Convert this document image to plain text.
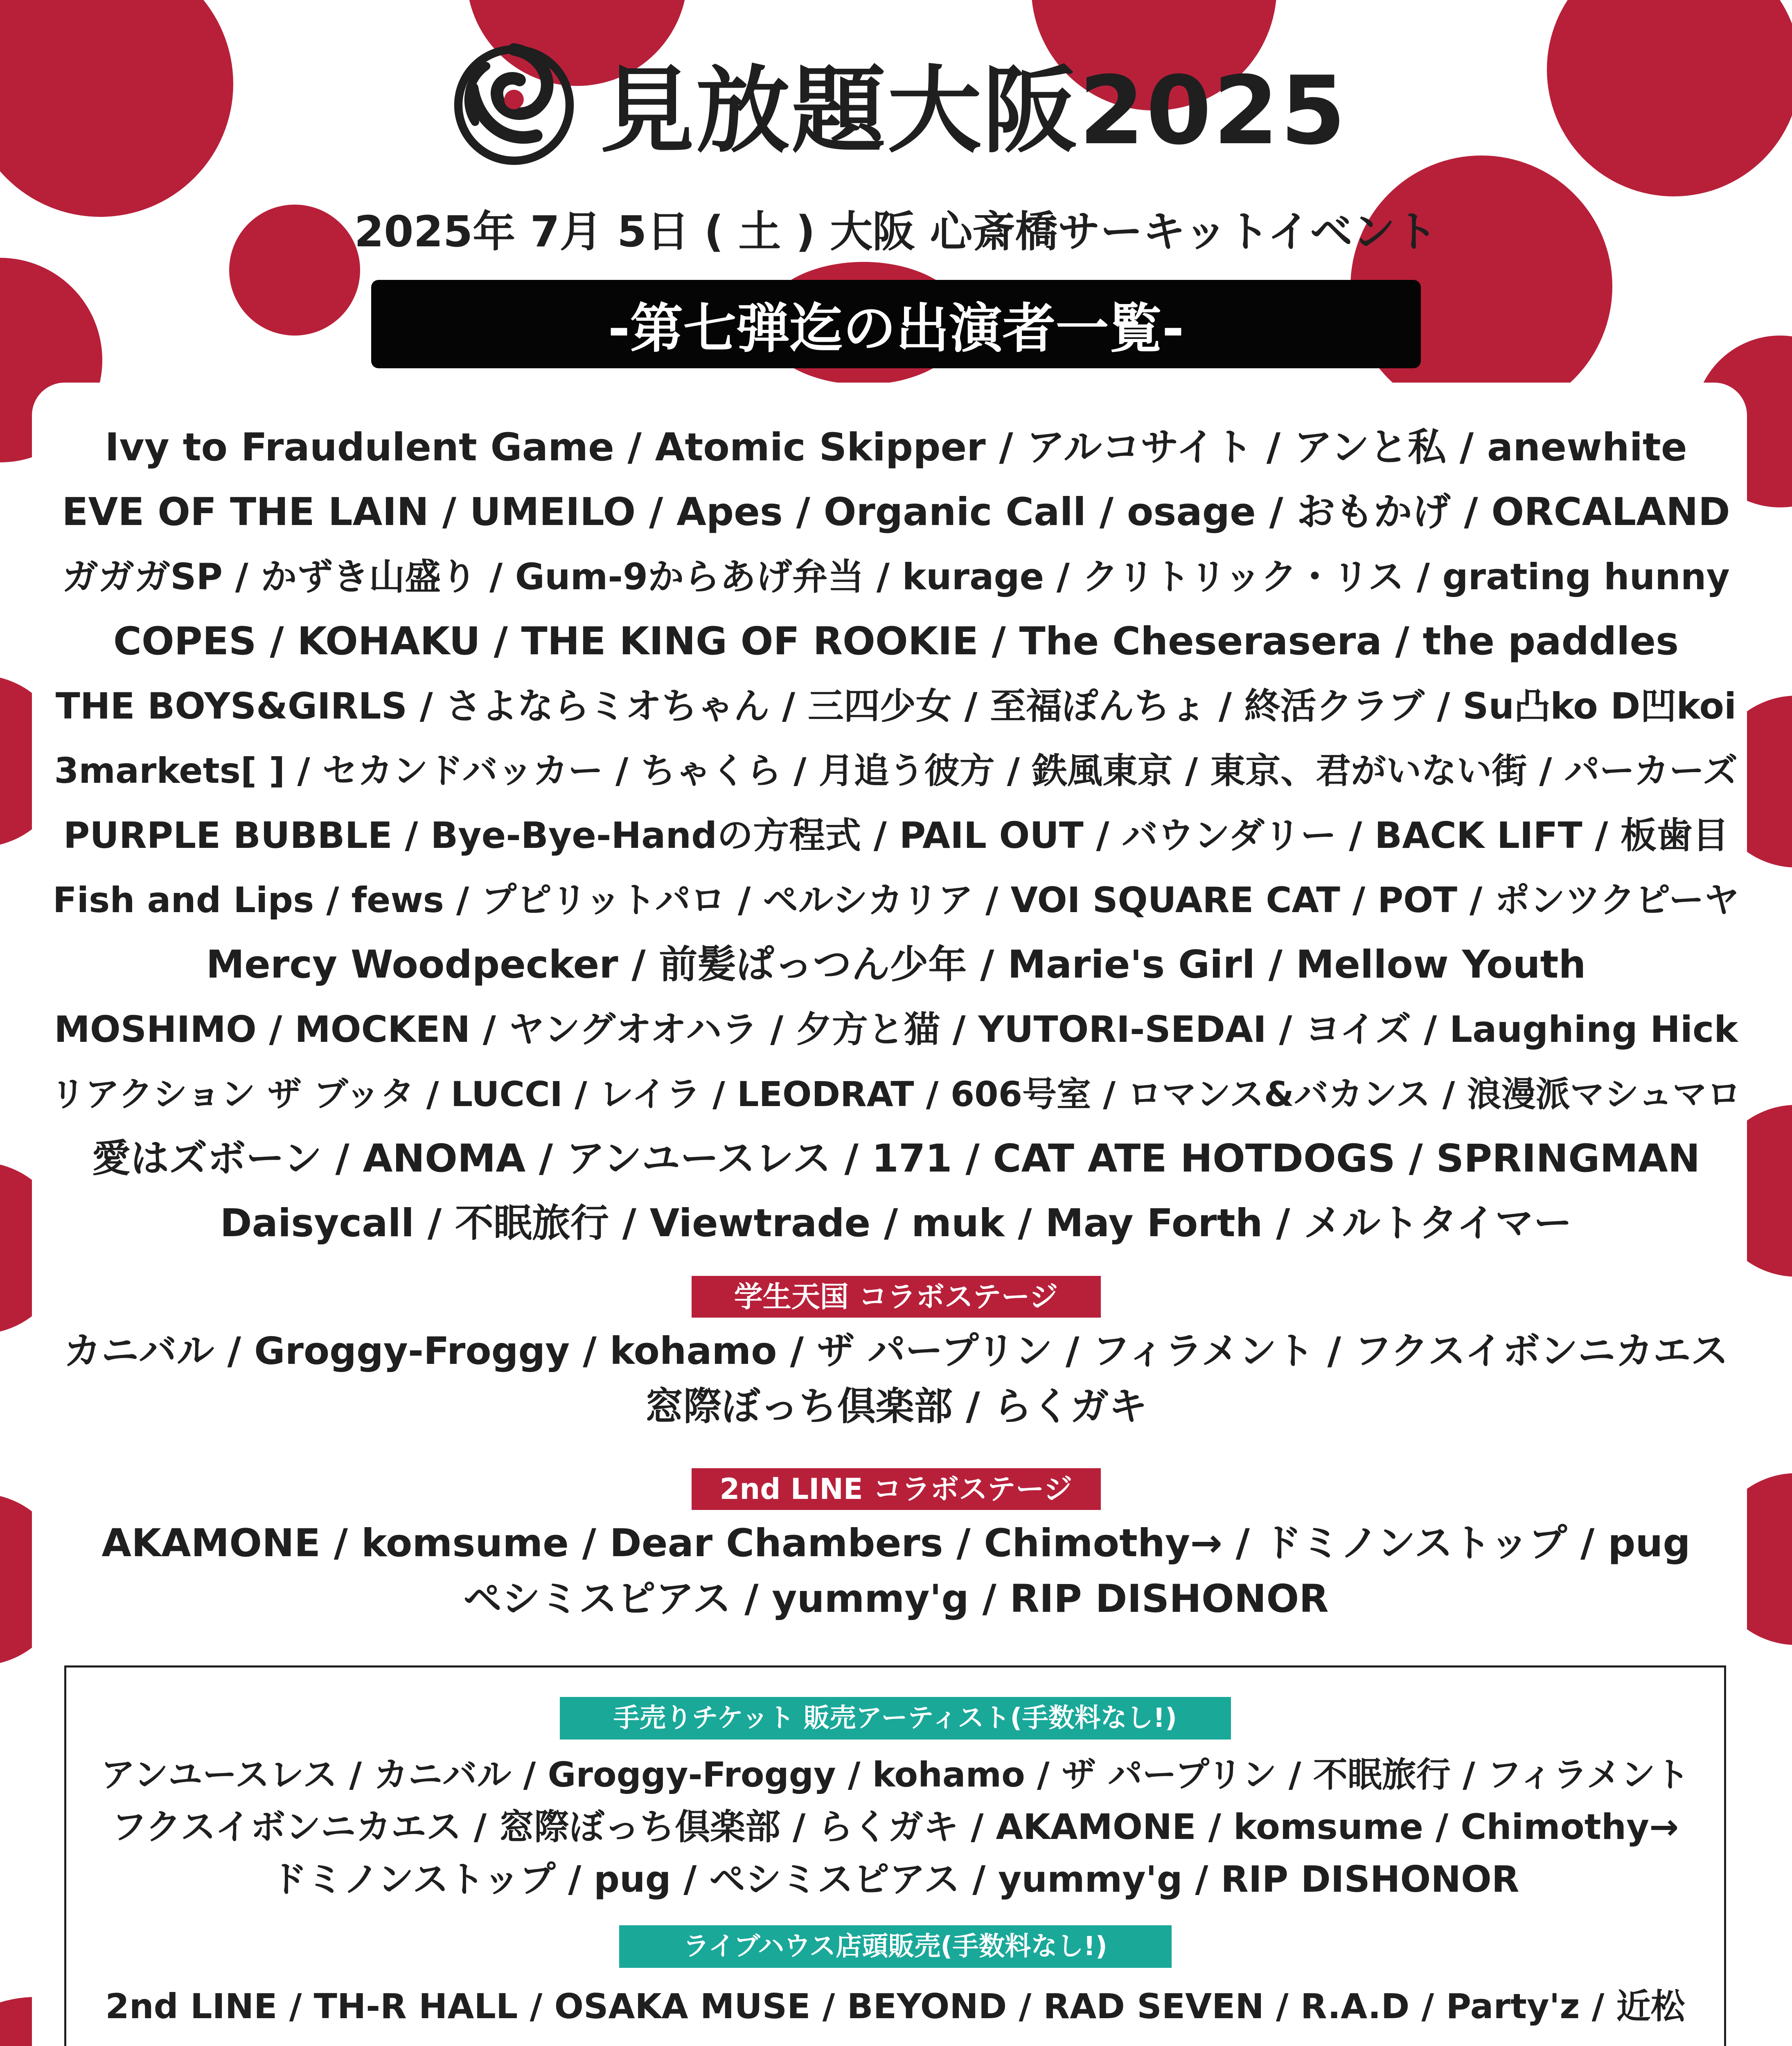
見放題大阪2025
2025年 7月 5日 ( 土 ) 大阪 心斎橋サーキットイベント
-第七弾迄の出演者一覧-
Ivy to Fraudulent Game / Atomic Skipper / アルコサイト / アンと私 / anewhite
EVE OF THE LAIN / UMEILO / Apes / Organic Call / osage / おもかげ / ORCALAND
ガガガSP / かずき山盛り / Gum-9からあげ弁当 / kurage / クリトリック・リス / grating hunny
COPES / KOHAKU / THE KING OF ROOKIE / The Cheserasera / the paddles
THE BOYS&GIRLS / さよならミオちゃん / 三四少女 / 至福ぽんちょ / 終活クラブ / Su凸ko D凹koi
3markets[ ] / セカンドバッカー / ちゃくら / 月追う彼方 / 鉄風東京 / 東京、君がいない街 / パーカーズ
PURPLE BUBBLE / Bye-Bye-Handの方程式 / PAIL OUT / バウンダリー / BACK LIFT / 板歯目
Fish and Lips / fews / プピリットパロ / ペルシカリア / VOI SQUARE CAT / POT / ポンツクピーヤ
Mercy Woodpecker / 前髪ぱっつん少年 / Marie's Girl / Mellow Youth
MOSHIMO / MOCKEN / ヤングオオハラ / 夕方と猫 / YUTORI-SEDAI / ヨイズ / Laughing Hick
リアクション ザ ブッタ / LUCCI / レイラ / LEODRAT / 606号室 / ロマンス&バカンス / 浪漫派マシュマロ
愛はズボーン / ANOMA / アンユースレス / 171 / CAT ATE HOTDOGS / SPRINGMAN
Daisycall / 不眠旅行 / Viewtrade / muk / May Forth / メルトタイマー
学生天国 コラボステージ
カニバル / Groggy-Froggy / kohamo / ザ パープリン / フィラメント / フクスイボンニカエス
窓際ぼっち倶楽部 / らくガキ
2nd LINE コラボステージ
AKAMONE / komsume / Dear Chambers / Chimothy→ / ドミノンストップ / pug
ペシミスピアス / yummy'g / RIP DISHONOR
手売りチケット 販売アーティスト(手数料なし!)
アンユースレス / カニバル / Groggy-Froggy / kohamo / ザ パープリン / 不眠旅行 / フィラメント
フクスイボンニカエス / 窓際ぼっち倶楽部 / らくガキ / AKAMONE / komsume / Chimothy→
ドミノンストップ / pug / ペシミスピアス / yummy'g / RIP DISHONOR
ライブハウス店頭販売(手数料なし!)
2nd LINE / TH-R HALL / OSAKA MUSE / BEYOND / RAD SEVEN / R.A.D / Party'z / 近松
